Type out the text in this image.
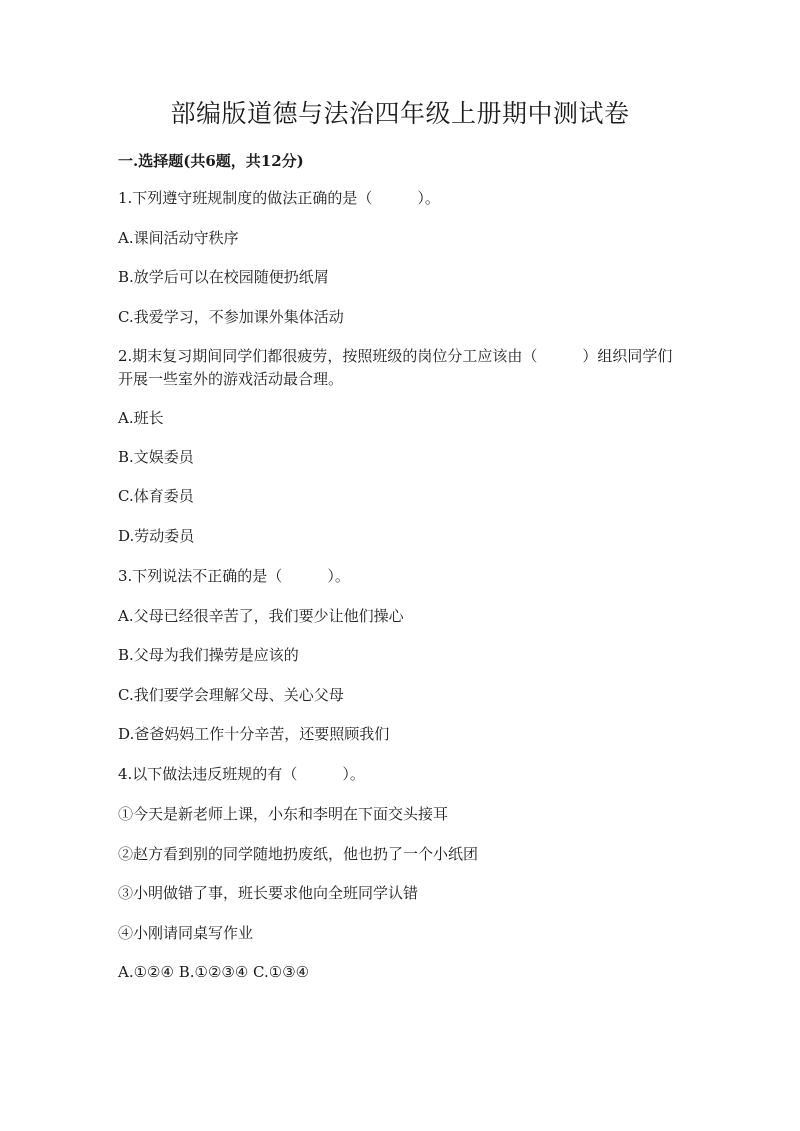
部编版道德与法治四年级上册期中测试卷
一.选择题(共6题，共12分)
1.下列遵守班规制度的做法正确的是（　　　）。
A.课间活动守秩序
B.放学后可以在校园随便扔纸屑
C.我爱学习，不参加课外集体活动
2.期末复习期间同学们都很疲劳，按照班级的岗位分工应该由（　　　）组织同学们开展一些室外的游戏活动最合理。
A.班长
B.文娱委员
C.体育委员
D.劳动委员
3.下列说法不正确的是（　　　）。
A.父母已经很辛苦了，我们要少让他们操心
B.父母为我们操劳是应该的
C.我们要学会理解父母、关心父母
D.爸爸妈妈工作十分辛苦，还要照顾我们
4.以下做法违反班规的有（　　　）。
①今天是新老师上课，小东和李明在下面交头接耳
②赵方看到别的同学随地扔废纸，他也扔了一个小纸团
③小明做错了事，班长要求他向全班同学认错
④小刚请同桌写作业
A.①②④ B.①②③④ C.①③④
